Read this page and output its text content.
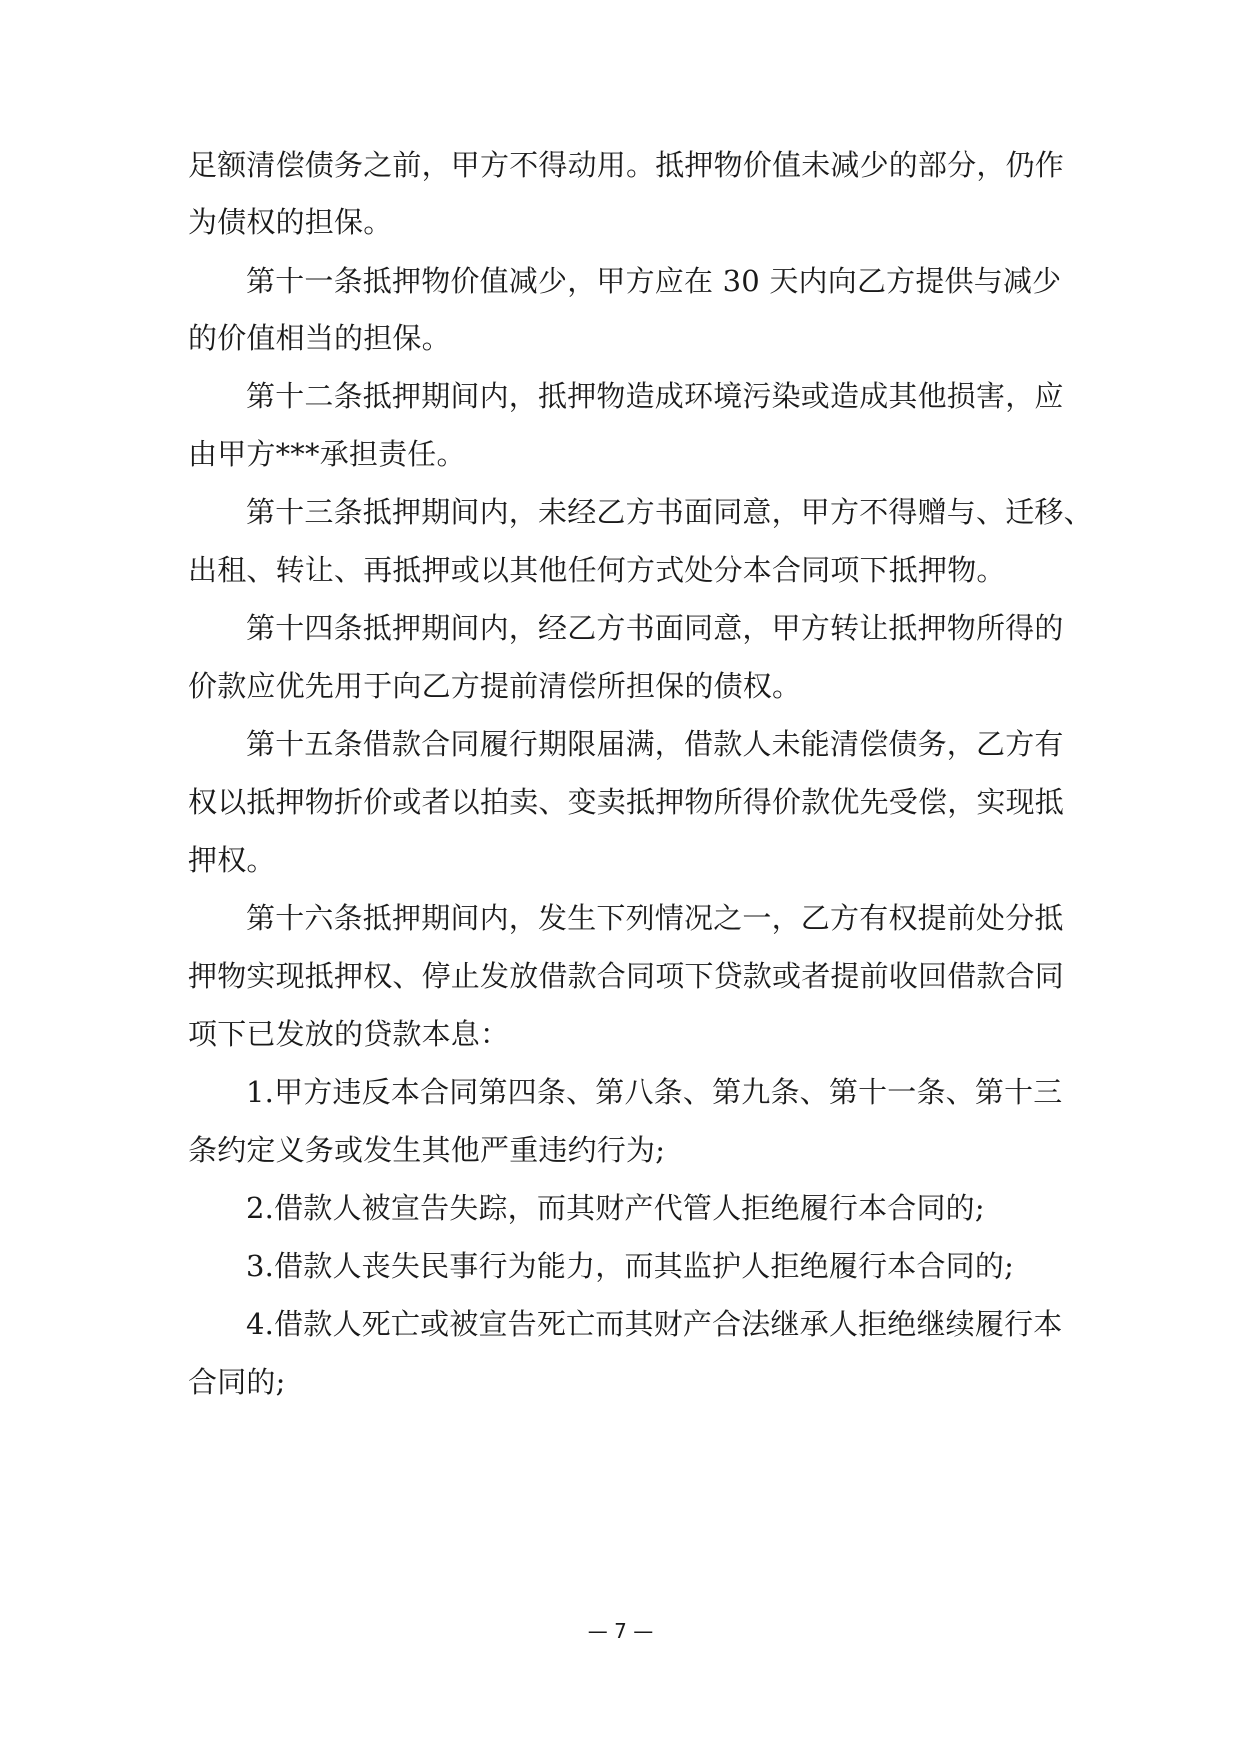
足额清偿债务之前，甲方不得动用。抵押物价值未减少的部分，仍作
为债权的担保。
第十一条抵押物价值减少，甲方应在 30 天内向乙方提供与减少
的价值相当的担保。
第十二条抵押期间内，抵押物造成环境污染或造成其他损害，应
由甲方***承担责任。
第十三条抵押期间内，未经乙方书面同意，甲方不得赠与、迁移、
出租、转让、再抵押或以其他任何方式处分本合同项下抵押物。
第十四条抵押期间内，经乙方书面同意，甲方转让抵押物所得的
价款应优先用于向乙方提前清偿所担保的债权。
第十五条借款合同履行期限届满，借款人未能清偿债务，乙方有
权以抵押物折价或者以拍卖、变卖抵押物所得价款优先受偿，实现抵
押权。
第十六条抵押期间内，发生下列情况之一，乙方有权提前处分抵
押物实现抵押权、停止发放借款合同项下贷款或者提前收回借款合同
项下已发放的贷款本息：
1.甲方违反本合同第四条、第八条、第九条、第十一条、第十三
条约定义务或发生其他严重违约行为;
2.借款人被宣告失踪，而其财产代管人拒绝履行本合同的;
3.借款人丧失民事行为能力，而其监护人拒绝履行本合同的;
4.借款人死亡或被宣告死亡而其财产合法继承人拒绝继续履行本
合同的;
— 7 —
